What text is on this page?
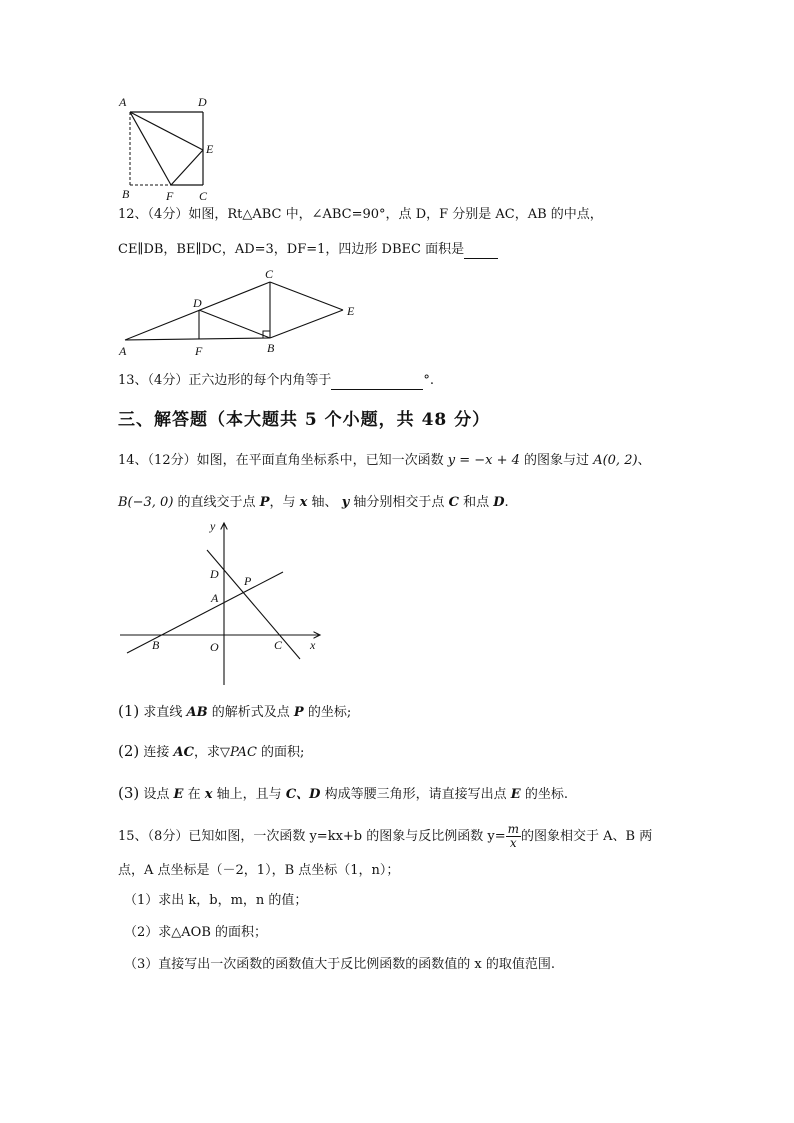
A	D
E
B	F C
12、（4分）如图，Rt△ABC 中，∠ABC=90°，点 D，F 分别是 AC，AB 的中点，
CE∥DB，BE∥DC，AD=3，DF=1，四边形 DBEC 面积是
A	F	B
D
C
E
13、（4分）正六边形的每个内角等于	°.
三、解答题（本大题共 5 个小题，共 48 分）
14、（12分）如图，在平面直角坐标系中，已知一次函数 y = −x + 4 的图象与过 A(0, 2)、
B(−3, 0) 的直线交于点 P，与 x 轴、 y 轴分别相交于点 C 和点 D.
y
x
D P
A
B	O	C
(1) 求直线 AB 的解析式及点 P 的坐标;
(2) 连接 AC，求▽PAC 的面积;
(3) 设点 E 在 x 轴上，且与 C、D 构成等腰三角形，请直接写出点 E 的坐标.
15、（8分）已知如图，一次函数 y=kx+b 的图象与反比例函数 $y= \frac{m}{x}$ 的图象相交于 A、B 两
点，A 点坐标是（－2，1），B 点坐标（1，n）；
（1）求出 k，b，m，n 的值；
（2）求△AOB 的面积；
（3）直接写出一次函数的函数值大于反比例函数的函数值的 x 的取值范围.
